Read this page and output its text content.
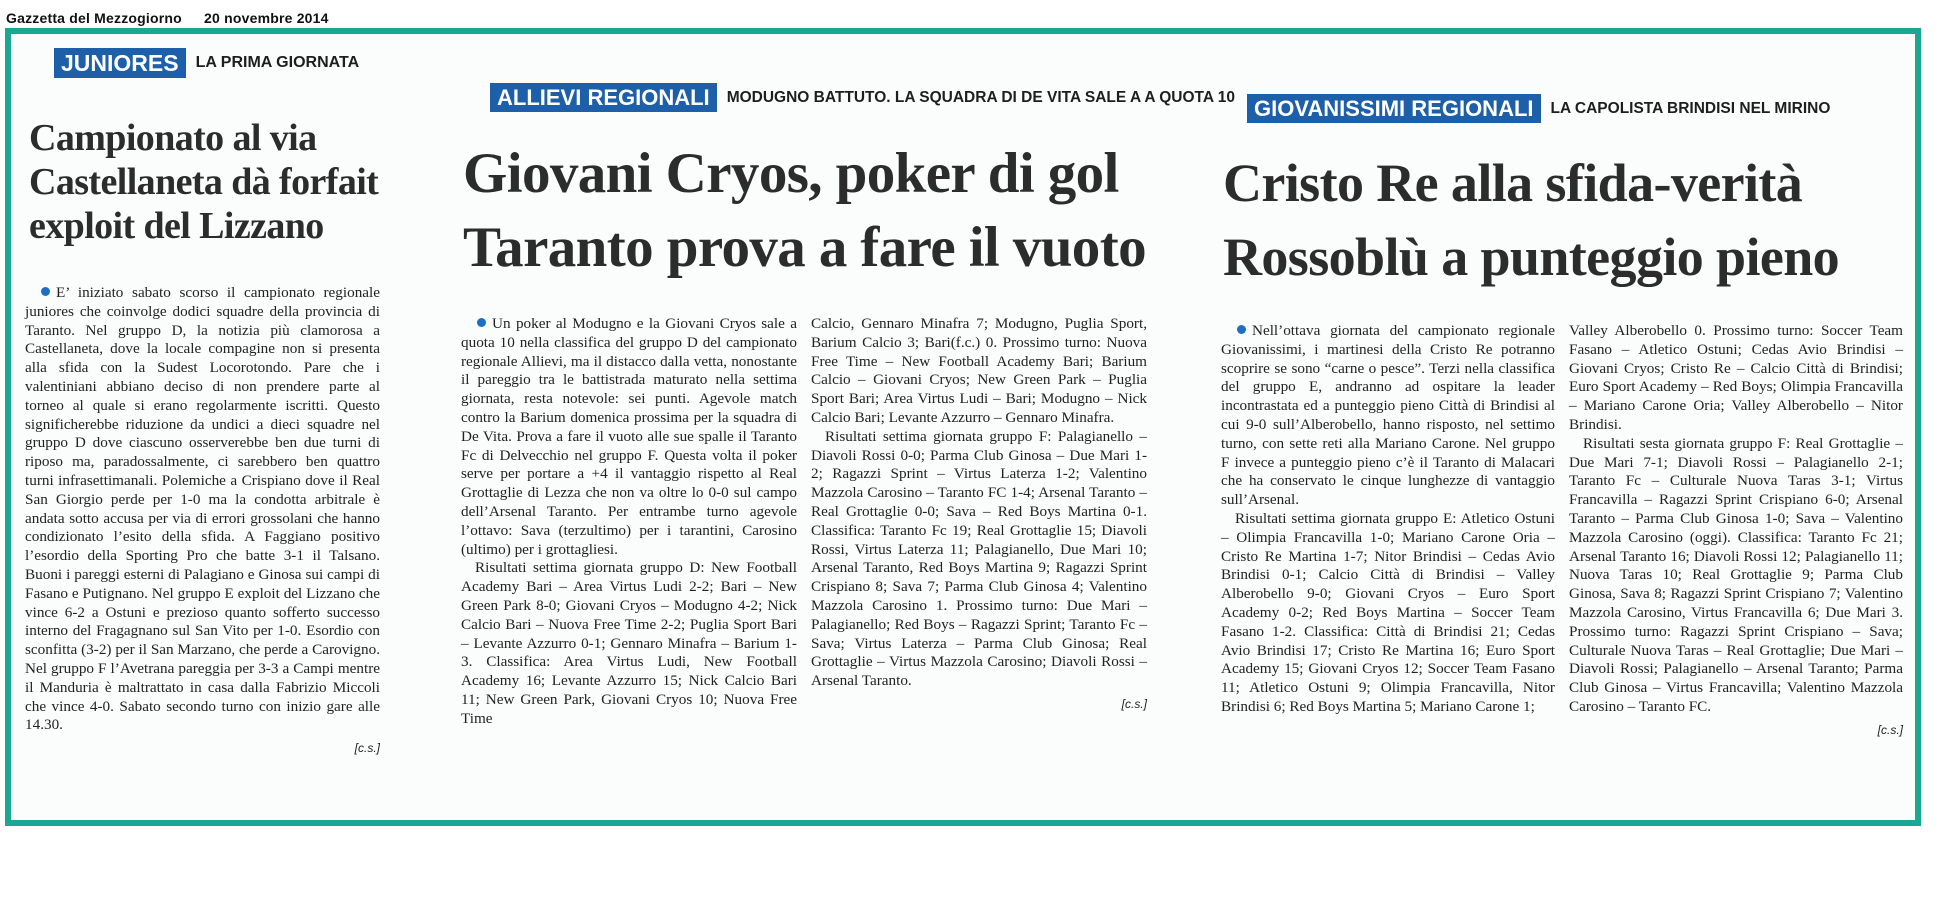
Gazzetta del Mezzogiorno 20 novembre 2014
JUNIORES	LA PRIMA GIORNATA
Campionato al via
Castellaneta dà forfait
exploit del Lizzano

E’ iniziato sabato scorso il campionato regionale juniores che coinvolge dodici squadre della provincia di Taranto. Nel gruppo D, la notizia più clamorosa a Castellaneta, dove la locale compagine non si presenta alla sfida con la Sudest Locorotondo. Pare che i valentiniani abbiano deciso di non prendere parte al torneo al quale si erano regolarmente iscritti. Questo significherebbe riduzione da undici a dieci squadre nel gruppo D dove ciascuno osserverebbe ben due turni di riposo ma, paradossalmente, ci sarebbero ben quattro turni infrasettimanali. Polemiche a Crispiano dove il Real San Giorgio perde per 1-0 ma la condotta arbitrale è andata sotto accusa per via di errori grossolani che hanno condizionato l’esito della sfida. A Faggiano positivo l’esordio della Sporting Pro che batte 3-1 il Talsano. Buoni i pareggi esterni di Palagiano e Ginosa sui campi di Fasano e Putignano. Nel gruppo E exploit del Lizzano che vince 6-2 a Ostuni e prezioso quanto sofferto successo interno del Fragagnano sul San Vito per 1-0. Esordio con sconfitta (3-2) per il San Marzano, che perde a Carovigno. Nel gruppo F l’Avetrana pareggia per 3-3 a Campi mentre il Manduria è maltrattato in casa dalla Fabrizio Miccoli che vince 4-0. Sabato secondo turno con inizio gare alle 14.30.

[c.s.]
ALLIEVI REGIONALI	MODUGNO BATTUTO. LA SQUADRA DI DE VITA SALE A A QUOTA 10
Giovani Cryos, poker di gol
Taranto prova a fare il vuoto

Un poker al Modugno e la Giovani Cryos sale a quota 10 nella classifica del gruppo D del campionato regionale Allievi, ma il distacco dalla vetta, nonostante il pareggio tra le battistrada maturato nella settima giornata, resta notevole: sei punti. Agevole match contro la Barium domenica prossima per la squadra di De Vita. Prova a fare il vuoto alle sue spalle il Taranto Fc di Delvecchio nel gruppo F. Questa volta il poker serve per portare a +4 il vantaggio rispetto al Real Grottaglie di Lezza che non va oltre lo 0-0 sul campo dell’Arsenal Taranto. Per entrambe turno agevole l’ottavo: Sava (terzultimo) per i tarantini, Carosino (ultimo) per i grottagliesi.

Risultati settima giornata gruppo D: New Football Academy Bari – Area Virtus Ludi 2-2; Bari – New Green Park 8-0; Giovani Cryos – Modugno 4-2; Nick Calcio Bari – Nuova Free Time 2-2; Puglia Sport Bari – Levante Azzurro 0-1; Gennaro Minafra – Barium 1-3. Classifica: Area Virtus Ludi, New Football Academy 16; Levante Azzurro 15; Nick Calcio Bari 11; New Green Park, Giovani Cryos 10; Nuova Free Time

Calcio, Gennaro Minafra 7; Modugno, Puglia Sport, Barium Calcio 3; Bari(f.c.) 0. Prossimo turno: Nuova Free Time – New Football Academy Bari; Barium Calcio – Giovani Cryos; New Green Park – Puglia Sport Bari; Area Virtus Ludi – Bari; Modugno – Nick Calcio Bari; Levante Azzurro – Gennaro Minafra.

Risultati settima giornata gruppo F: Palagianello – Diavoli Rossi 0-0; Parma Club Ginosa – Due Mari 1-2; Ragazzi Sprint – Virtus Laterza 1-2; Valentino Mazzola Carosino – Taranto FC 1-4; Arsenal Taranto – Real Grottaglie 0-0; Sava – Red Boys Martina 0-1. Classifica: Taranto Fc 19; Real Grottaglie 15; Diavoli Rossi, Virtus Laterza 11; Palagianello, Due Mari 10; Arsenal Taranto, Red Boys Martina 9; Ragazzi Sprint Crispiano 8; Sava 7; Parma Club Ginosa 4; Valentino Mazzola Carosino 1. Prossimo turno: Due Mari – Palagianello; Red Boys – Ragazzi Sprint; Taranto Fc – Sava; Virtus Laterza – Parma Club Ginosa; Real Grottaglie – Virtus Mazzola Carosino; Diavoli Rossi – Arsenal Taranto.

[c.s.]
GIOVANISSIMI REGIONALI	LA CAPOLISTA BRINDISI NEL MIRINO
Cristo Re alla sfida-verità
Rossoblù a punteggio pieno

Nell’ottava giornata del campionato regionale Giovanissimi, i martinesi della Cristo Re potranno scoprire se sono “carne o pesce”. Terzi nella classifica del gruppo E, andranno ad ospitare la leader incontrastata ed a punteggio pieno Città di Brindisi al cui 9-0 sull’Alberobello, hanno risposto, nel settimo turno, con sette reti alla Mariano Carone. Nel gruppo F invece a punteggio pieno c’è il Taranto di Malacari che ha conservato le cinque lunghezze di vantaggio sull’Arsenal.

Risultati settima giornata gruppo E: Atletico Ostuni – Olimpia Francavilla 1-0; Mariano Carone Oria – Cristo Re Martina 1-7; Nitor Brindisi – Cedas Avio Brindisi 0-1; Calcio Città di Brindisi – Valley Alberobello 9-0; Giovani Cryos – Euro Sport Academy 0-2; Red Boys Martina – Soccer Team Fasano 1-2. Classifica: Città di Brindisi 21; Cedas Avio Brindisi 17; Cristo Re Martina 16; Euro Sport Academy 15; Giovani Cryos 12; Soccer Team Fasano 11; Atletico Ostuni 9; Olimpia Francavilla, Nitor Brindisi 6; Red Boys Martina 5; Mariano Carone 1;

Valley Alberobello 0. Prossimo turno: Soccer Team Fasano – Atletico Ostuni; Cedas Avio Brindisi – Giovani Cryos; Cristo Re – Calcio Città di Brindisi; Euro Sport Academy – Red Boys; Olimpia Francavilla – Mariano Carone Oria; Valley Alberobello – Nitor Brindisi.

Risultati sesta giornata gruppo F: Real Grottaglie – Due Mari 7-1; Diavoli Rossi – Palagianello 2-1; Taranto Fc – Culturale Nuova Taras 3-1; Virtus Francavilla – Ragazzi Sprint Crispiano 6-0; Arsenal Taranto – Parma Club Ginosa 1-0; Sava – Valentino Mazzola Carosino (oggi). Classifica: Taranto Fc 21; Arsenal Taranto 16; Diavoli Rossi 12; Palagianello 11; Nuova Taras 10; Real Grottaglie 9; Parma Club Ginosa, Sava 8; Ragazzi Sprint Crispiano 7; Valentino Mazzola Carosino, Virtus Francavilla 6; Due Mari 3. Prossimo turno: Ragazzi Sprint Crispiano – Sava; Culturale Nuova Taras – Real Grottaglie; Due Mari – Diavoli Rossi; Palagianello – Arsenal Taranto; Parma Club Ginosa – Virtus Francavilla; Valentino Mazzola Carosino – Taranto FC.

[c.s.]
